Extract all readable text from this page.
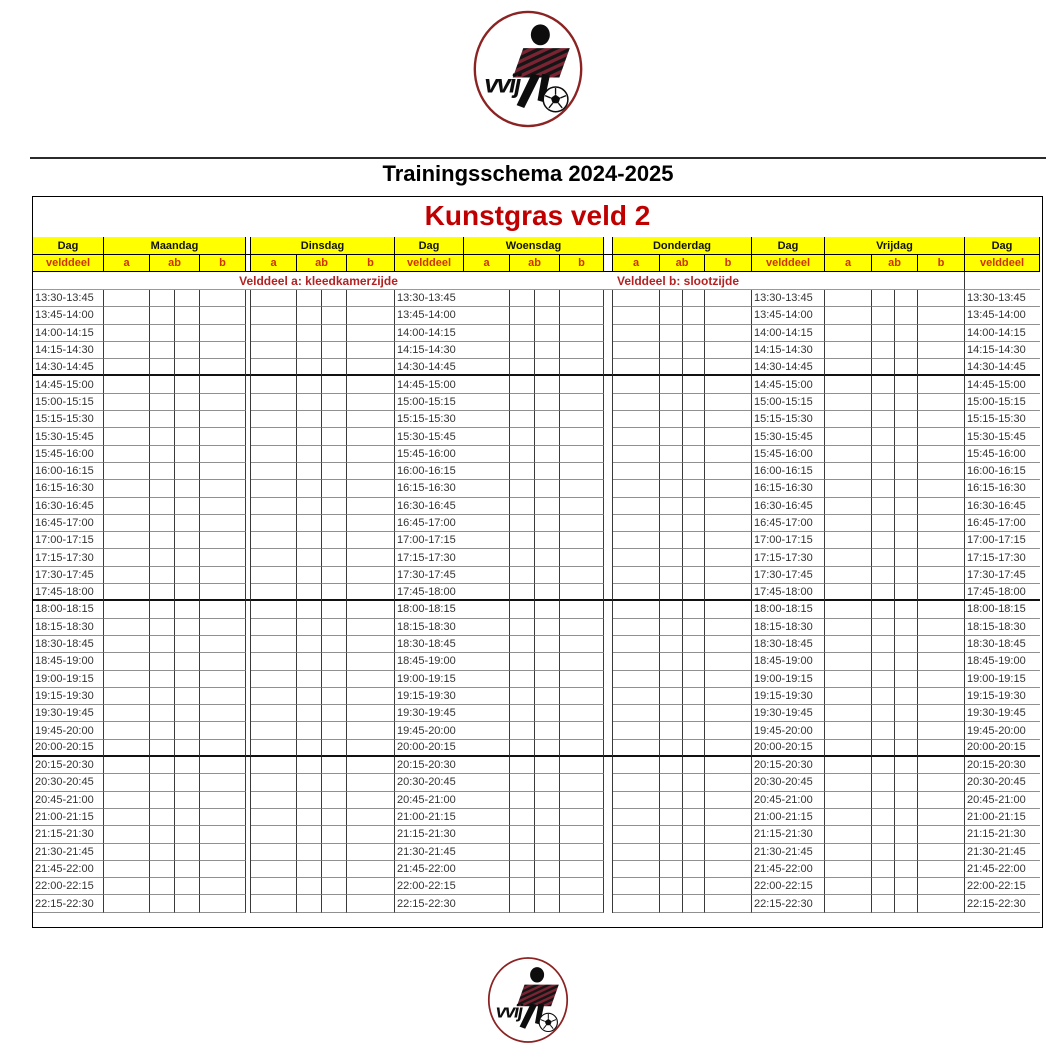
vvij
Trainingsschema 2024-2025
Kunstgras veld 2
Dag	Maandag	Dinsdag	Dag	Woensdag	Donderdag	Dag	Vrijdag	Dag
velddeel	a	ab	b	a	ab	b	velddeel	a	ab	b	a	ab	b	velddeel	a	ab	b	velddeel
Velddeel a: kleedkamerzijde	Velddeel b: slootzijde
13:30-13:45	13:30-13:45	13:30-13:45	13:30-13:45
13:45-14:00	13:45-14:00	13:45-14:00	13:45-14:00
14:00-14:15	14:00-14:15	14:00-14:15	14:00-14:15
14:15-14:30	14:15-14:30	14:15-14:30	14:15-14:30
14:30-14:45	14:30-14:45	14:30-14:45	14:30-14:45
14:45-15:00	14:45-15:00	14:45-15:00	14:45-15:00
15:00-15:15	15:00-15:15	15:00-15:15	15:00-15:15
15:15-15:30	15:15-15:30	15:15-15:30	15:15-15:30
15:30-15:45	15:30-15:45	15:30-15:45	15:30-15:45
15:45-16:00	15:45-16:00	15:45-16:00	15:45-16:00
16:00-16:15	16:00-16:15	16:00-16:15	16:00-16:15
16:15-16:30	16:15-16:30	16:15-16:30	16:15-16:30
16:30-16:45	16:30-16:45	16:30-16:45	16:30-16:45
16:45-17:00	16:45-17:00	16:45-17:00	16:45-17:00
17:00-17:15	17:00-17:15	17:00-17:15	17:00-17:15
17:15-17:30	17:15-17:30	17:15-17:30	17:15-17:30
17:30-17:45	17:30-17:45	17:30-17:45	17:30-17:45
17:45-18:00	17:45-18:00	17:45-18:00	17:45-18:00
18:00-18:15	18:00-18:15	18:00-18:15	18:00-18:15
18:15-18:30	18:15-18:30	18:15-18:30	18:15-18:30
18:30-18:45	18:30-18:45	18:30-18:45	18:30-18:45
18:45-19:00	18:45-19:00	18:45-19:00	18:45-19:00
19:00-19:15	19:00-19:15	19:00-19:15	19:00-19:15
19:15-19:30	19:15-19:30	19:15-19:30	19:15-19:30
19:30-19:45	19:30-19:45	19:30-19:45	19:30-19:45
19:45-20:00	19:45-20:00	19:45-20:00	19:45-20:00
20:00-20:15	20:00-20:15	20:00-20:15	20:00-20:15
20:15-20:30	20:15-20:30	20:15-20:30	20:15-20:30
20:30-20:45	20:30-20:45	20:30-20:45	20:30-20:45
20:45-21:00	20:45-21:00	20:45-21:00	20:45-21:00
21:00-21:15	21:00-21:15	21:00-21:15	21:00-21:15
21:15-21:30	21:15-21:30	21:15-21:30	21:15-21:30
21:30-21:45	21:30-21:45	21:30-21:45	21:30-21:45
21:45-22:00	21:45-22:00	21:45-22:00	21:45-22:00
22:00-22:15	22:00-22:15	22:00-22:15	22:00-22:15
22:15-22:30	22:15-22:30	22:15-22:30	22:15-22:30
vvij
